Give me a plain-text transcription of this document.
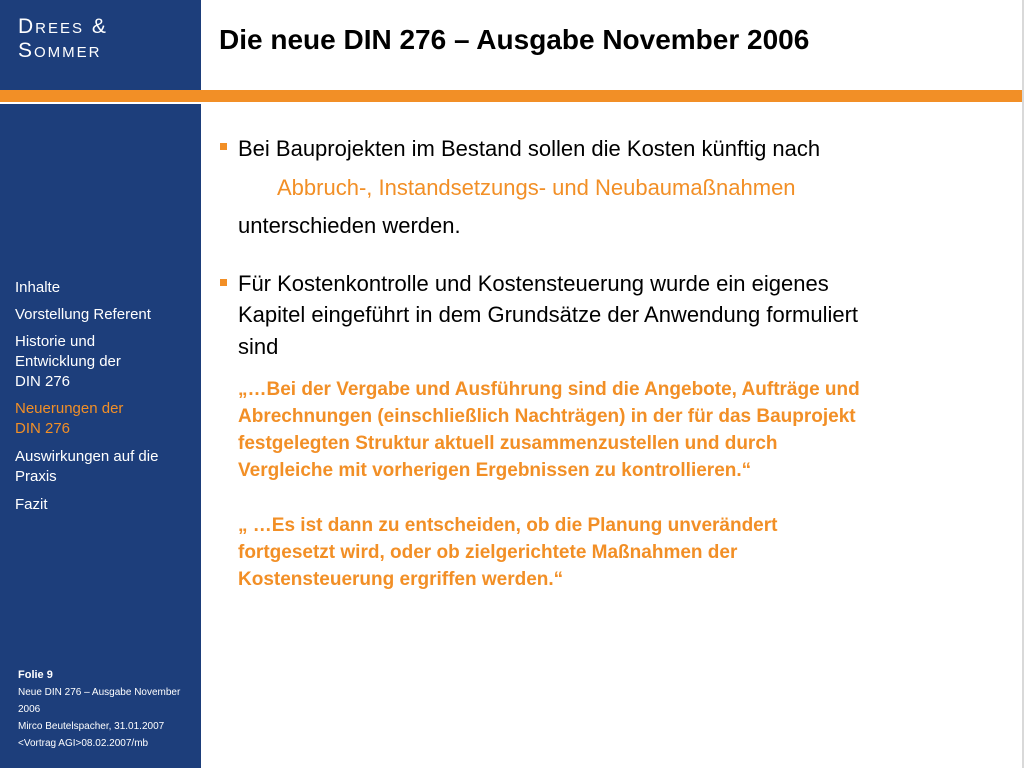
Drees &
Sommer
Inhalte
Vorstellung Referent
Historie und
Entwicklung der
DIN 276
Neuerungen der
DIN 276
Auswirkungen auf die
Praxis
Fazit
Folie 9
Neue DIN 276 – Ausgabe November 2006
Mirco Beutelspacher, 31.01.2007
<Vortrag AGI>08.02.2007/mb
Die neue DIN 276 – Ausgabe November 2006
Bei Bauprojekten im Bestand sollen die Kosten künftig nach
Abbruch-, Instandsetzungs- und Neubaumaßnahmen
unterschieden werden.
Für Kostenkontrolle und Kostensteuerung wurde ein eigenes
Kapitel eingeführt in dem Grundsätze der Anwendung formuliert
sind
„…Bei der Vergabe und Ausführung sind die Angebote, Aufträge und
Abrechnungen (einschließlich Nachträgen) in der für das Bauprojekt
festgelegten Struktur aktuell zusammenzustellen und durch
Vergleiche mit vorherigen Ergebnissen zu kontrollieren.“
„ …Es ist dann zu entscheiden, ob die Planung unverändert
fortgesetzt wird, oder ob zielgerichtete Maßnahmen der
Kostensteuerung ergriffen werden.“
